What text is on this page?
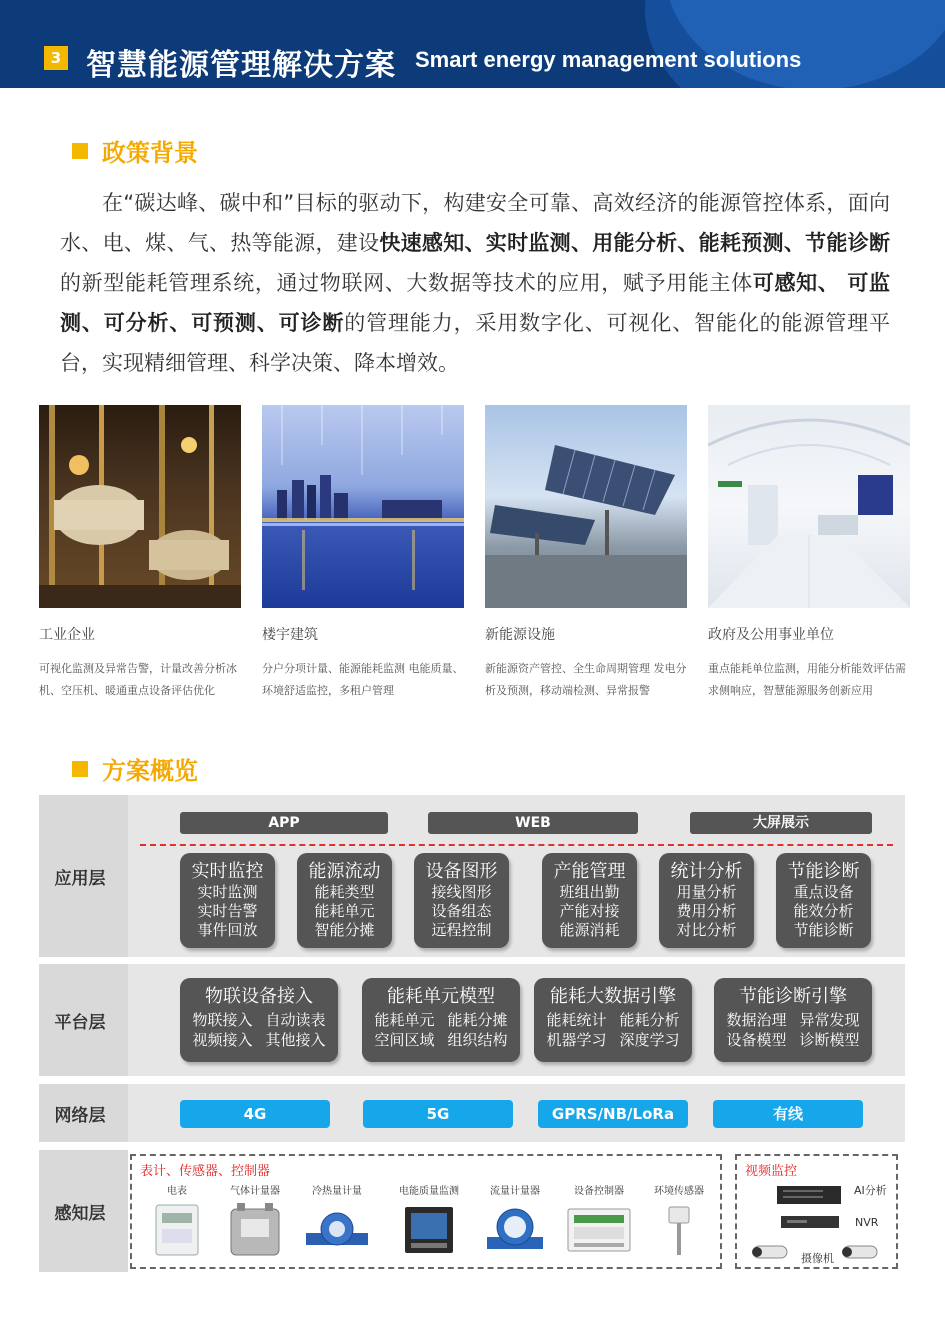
3 智慧能源管理解决方案 Smart energy management solutions
政策背景
在“碳达峰、碳中和”目标的驱动下，构建安全可靠、高效经济的能源管控体系，面向水、电、煤、气、热等能源，建设快速感知、实时监测、用能分析、能耗预测、节能诊断的新型能耗管理系统，通过物联网、大数据等技术的应用，赋予用能主体可感知、 可监测、可分析、可预测、可诊断的管理能力，采用数字化、可视化、智能化的能源管理平台，实现精细管理、科学决策、降本增效。
工业企业
可视化监测及异常告警，计量改善分析冰机、空压机、暖通重点设备评估优化
楼宇建筑
分户分项计量、能源能耗监测 电能质量、环境舒适监控，多租户管理
新能源设施
新能源资产管控、全生命周期管理 发电分析及预测，移动端检测、异常报警
政府及公用事业单位
重点能耗单位监测，用能分析能效评估需求侧响应，智慧能源服务创新应用
方案概览
应用层
APP	WEB	大屏展示
实时监控
实时监测
实时告警
事件回放
能源流动
能耗类型
能耗单元
智能分摊
设备图形
接线图形
设备组态
远程控制
产能管理
班组出勤
产能对接
能源消耗
统计分析
用量分析
费用分析
对比分析
节能诊断
重点设备
能效分析
节能诊断
平台层
物联设备接入
物联接入 自动读表
视频接入 其他接入
能耗单元模型
能耗单元 能耗分摊
空间区域 组织结构
能耗大数据引擎
能耗统计 能耗分析
机器学习 深度学习
节能诊断引擎
数据治理 异常发现
设备模型 诊断模型
网络层	4G	5G	GPRS/NB/LoRa	有线
感知层
表计、传感器、控制器
电表	气体计量器	冷热量计量	电能质量监测	流量计量器	设备控制器	环境传感器
视频监控
AI分析
NVR
摄像机
